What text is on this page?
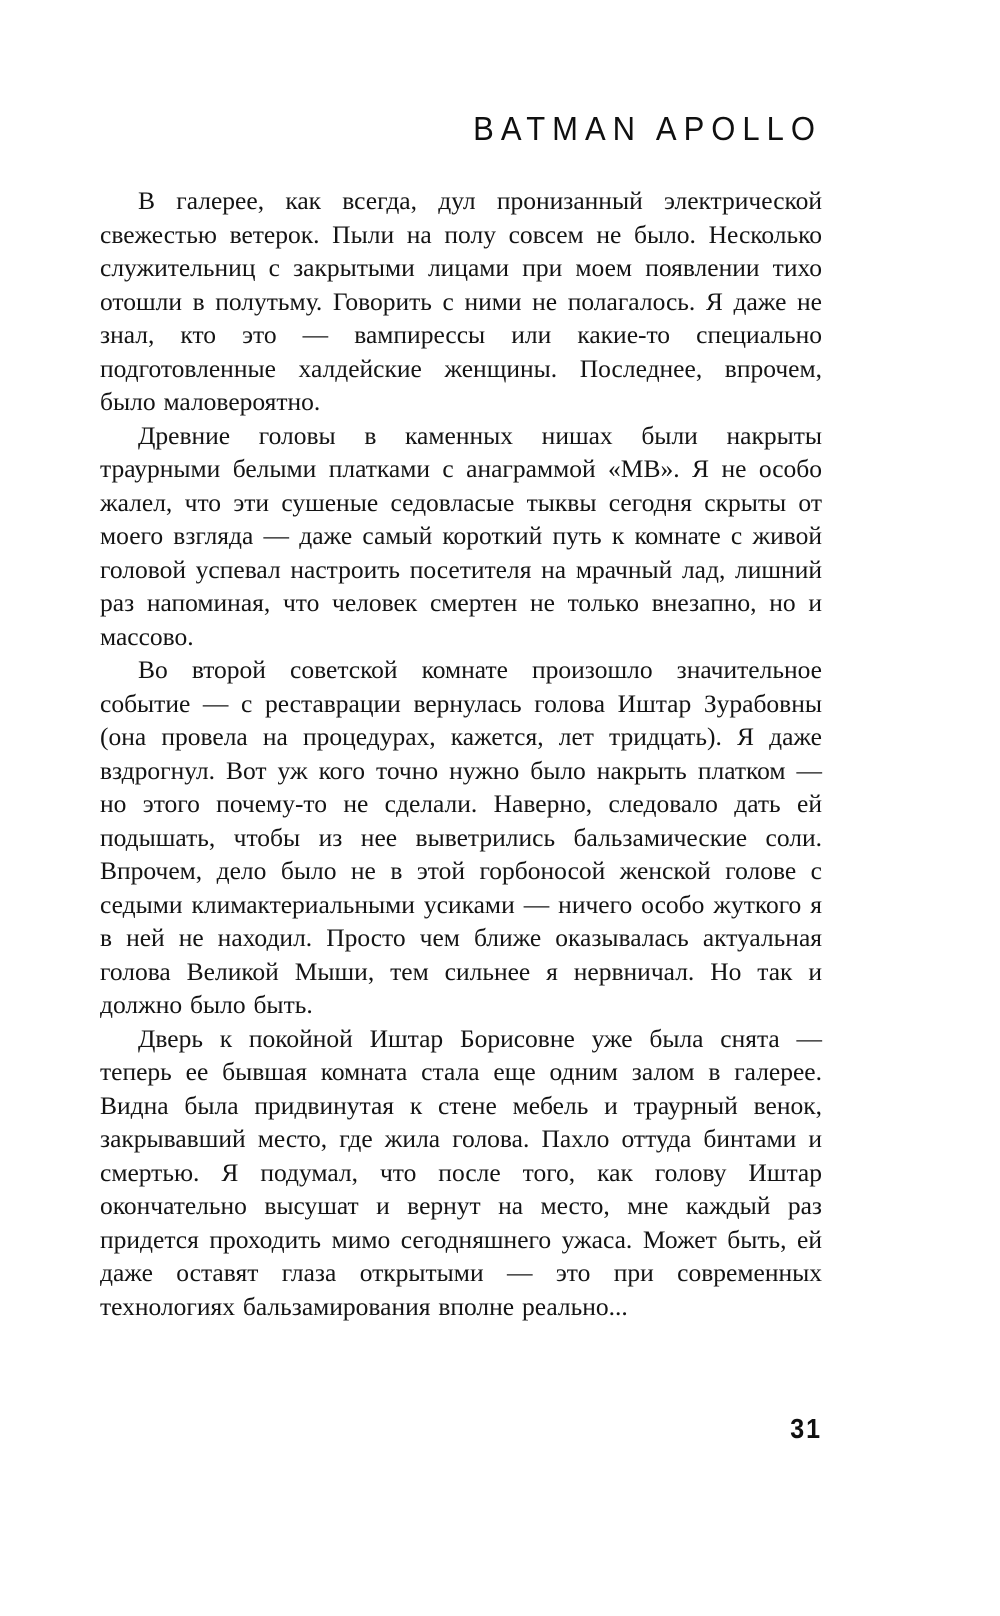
BATMAN APOLLO

В галерее, как всегда, дул пронизанный электрической свежестью ветерок. Пыли на полу совсем не было. Несколько служительниц с закрытыми лицами при моем появлении тихо отошли в полутьму. Говорить с ними не полагалось. Я даже не знал, кто это — вампирессы или какие-то специально подготовленные халдейские женщины. Последнее, впрочем, было маловероятно.

Древние головы в каменных нишах были накрыты траурными белыми платками с анаграммой «МВ». Я не особо жалел, что эти сушеные седовласые тыквы сегодня скрыты от моего взгляда — даже самый короткий путь к комнате с живой головой успевал настроить посетителя на мрачный лад, лишний раз напоминая, что человек смертен не только внезапно, но и массово.

Во второй советской комнате произошло значительное событие — с реставрации вернулась голова Иштар Зурабовны (она провела на процедурах, кажется, лет тридцать). Я даже вздрогнул. Вот уж кого точно нужно было накрыть платком — но этого почему-то не сделали. Наверно, следовало дать ей подышать, чтобы из нее выветрились бальзамические соли. Впрочем, дело было не в этой горбоносой женской голове с седыми климактериальными усиками — ничего особо жуткого я в ней не находил. Просто чем ближе оказывалась актуальная голова Великой Мыши, тем сильнее я нервничал. Но так и должно было быть.

Дверь к покойной Иштар Борисовне уже была снята — теперь ее бывшая комната стала еще одним залом в галерее. Видна была придвинутая к стене мебель и траурный венок, закрывавший место, где жила голова. Пахло оттуда бинтами и смертью. Я подумал, что после того, как голову Иштар окончательно высушат и вернут на место, мне каждый раз придется проходить мимо сегодняшнего ужаса. Может быть, ей даже оставят глаза открытыми — это при современных технологиях бальзамирования вполне реально...

31
